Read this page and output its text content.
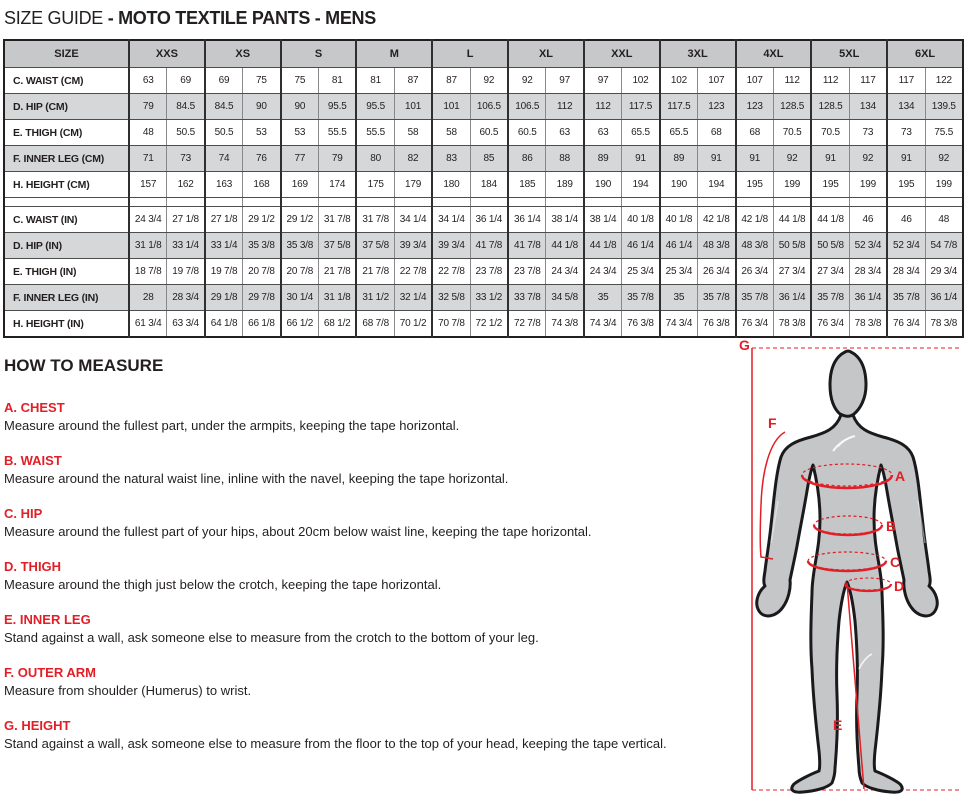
SIZE GUIDE - MOTO TEXTILE PANTS - MENS
SIZE	XXS		XS		S		M		L		XL		XXL		3XL		4XL		5XL		6XL	
C. WAIST (CM)	63	69	69	75	75	81	81	87	87	92	92	97	97	102	102	107	107	112	112	117	117	122
D. HIP (CM)	79	84.5	84.5	90	90	95.5	95.5	101	101	106.5	106.5	112	112	117.5	117.5	123	123	128.5	128.5	134	134	139.5
E. THIGH (CM)	48	50.5	50.5	53	53	55.5	55.5	58	58	60.5	60.5	63	63	65.5	65.5	68	68	70.5	70.5	73	73	75.5
F. INNER LEG (CM)	71	73	74	76	77	79	80	82	83	85	86	88	89	91	89	91	91	92	91	92	91	92
H. HEIGHT (CM)	157	162	163	168	169	174	175	179	180	184	185	189	190	194	190	194	195	199	195	199	195	199

C. WAIST (IN)	24 3/4	27 1/8	27 1/8	29 1/2	29 1/2	31 7/8	31 7/8	34 1/4	34 1/4	36 1/4	36 1/4	38 1/4	38 1/4	40 1/8	40 1/8	42 1/8	42 1/8	44 1/8	44 1/8	46	46	48
D. HIP (IN)	31 1/8	33 1/4	33 1/4	35 3/8	35 3/8	37 5/8	37 5/8	39 3/4	39 3/4	41 7/8	41 7/8	44 1/8	44 1/8	46 1/4	46 1/4	48 3/8	48 3/8	50 5/8	50 5/8	52 3/4	52 3/4	54 7/8
E. THIGH (IN)	18 7/8	19 7/8	19 7/8	20 7/8	20 7/8	21 7/8	21 7/8	22 7/8	22 7/8	23 7/8	23 7/8	24 3/4	24 3/4	25 3/4	25 3/4	26 3/4	26 3/4	27 3/4	27 3/4	28 3/4	28 3/4	29 3/4
F. INNER LEG (IN)	28	28 3/4	29 1/8	29 7/8	30 1/4	31 1/8	31 1/2	32 1/4	32 5/8	33 1/2	33 7/8	34 5/8	35	35 7/8	35	35 7/8	35 7/8	36 1/4	35 7/8	36 1/4	35 7/8	36 1/4
H. HEIGHT (IN)	61 3/4	63 3/4	64 1/8	66 1/8	66 1/2	68 1/2	68 7/8	70 1/2	70 7/8	72 1/2	72 7/8	74 3/8	74 3/4	76 3/8	74 3/4	76 3/8	76 3/4	78 3/8	76 3/4	78 3/8	76 3/4	78 3/8
HOW TO MEASURE
A. CHEST
Measure around the fullest part, under the armpits, keeping the tape horizontal.
B. WAIST
Measure around the natural waist line, inline with the navel, keeping the tape horizontal.
C. HIP
Measure around the fullest part of your hips, about 20cm below waist line, keeping the tape horizontal.
D. THIGH
Measure around the thigh just below the crotch, keeping the tape horizontal.
E. INNER LEG
Stand against a wall, ask someone else to measure from the crotch to the bottom of your leg.
F. OUTER ARM
Measure from shoulder (Humerus) to wrist.
G. HEIGHT
Stand against a wall, ask someone else to measure from the floor to the top of your head, keeping the tape vertical.
G
F
A
B
C
D
E
